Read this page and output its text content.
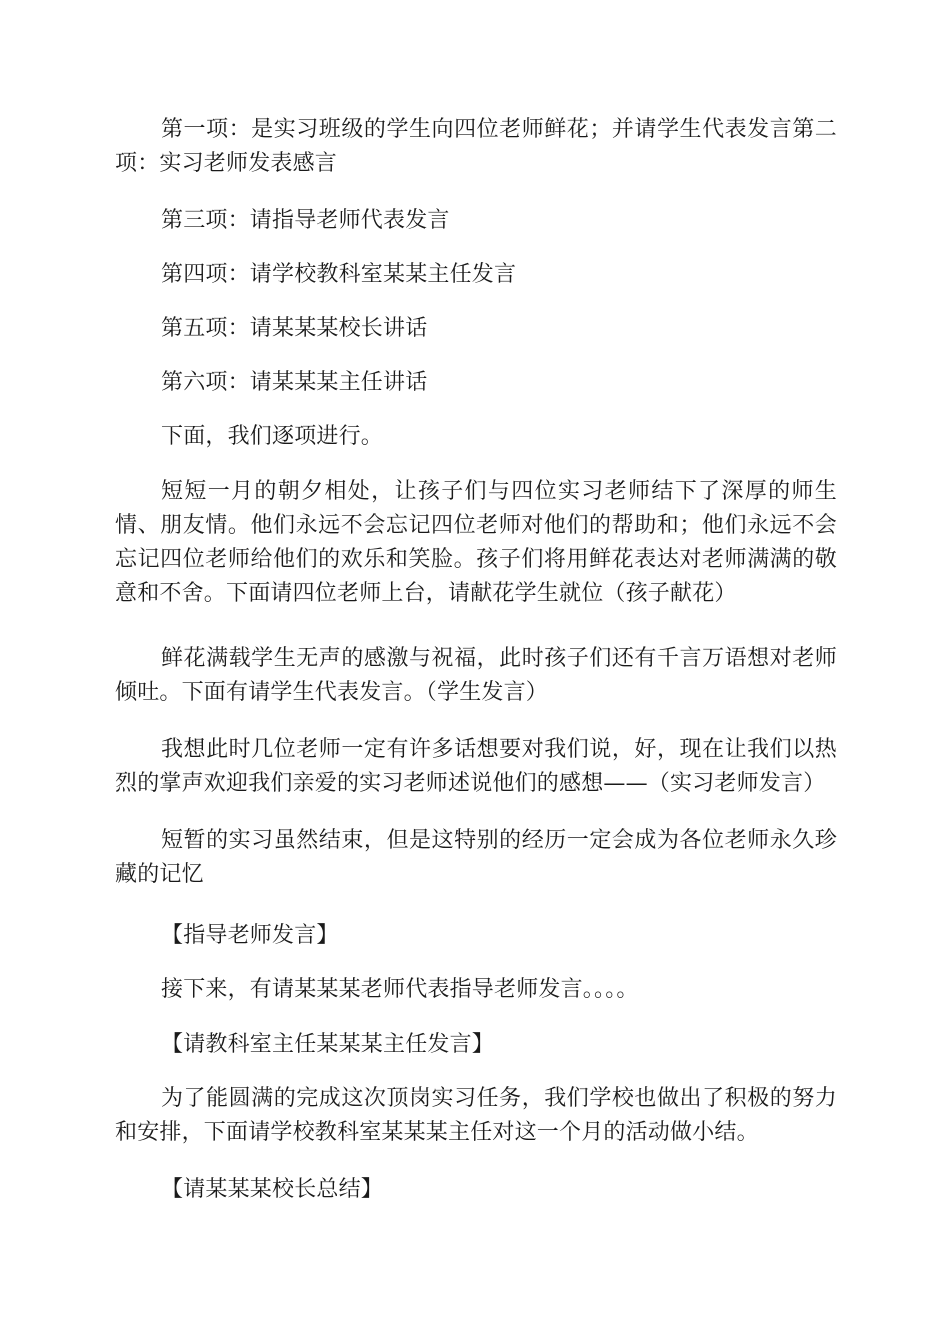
第一项：是实习班级的学生向四位老师鲜花；并请学生代表发言第二项：实习老师发表感言

第三项：请指导老师代表发言

第四项：请学校教科室某某主任发言

第五项：请某某某校长讲话

第六项：请某某某主任讲话

下面，我们逐项进行。

短短一月的朝夕相处，让孩子们与四位实习老师结下了深厚的师生情、朋友情。他们永远不会忘记四位老师对他们的帮助和；他们永远不会忘记四位老师给他们的欢乐和笑脸。孩子们将用鲜花表达对老师满满的敬意和不舍。下面请四位老师上台，请献花学生就位（孩子献花）

鲜花满载学生无声的感激与祝福，此时孩子们还有千言万语想对老师倾吐。下面有请学生代表发言。（学生发言）

我想此时几位老师一定有许多话想要对我们说，好，现在让我们以热烈的掌声欢迎我们亲爱的实习老师述说他们的感想——（实习老师发言）

短暂的实习虽然结束，但是这特别的经历一定会成为各位老师永久珍藏的记忆

【指导老师发言】

接下来，有请某某某老师代表指导老师发言。。。。

【请教科室主任某某某主任发言】

为了能圆满的完成这次顶岗实习任务，我们学校也做出了积极的努力和安排，下面请学校教科室某某某主任对这一个月的活动做小结。

【请某某某校长总结】
